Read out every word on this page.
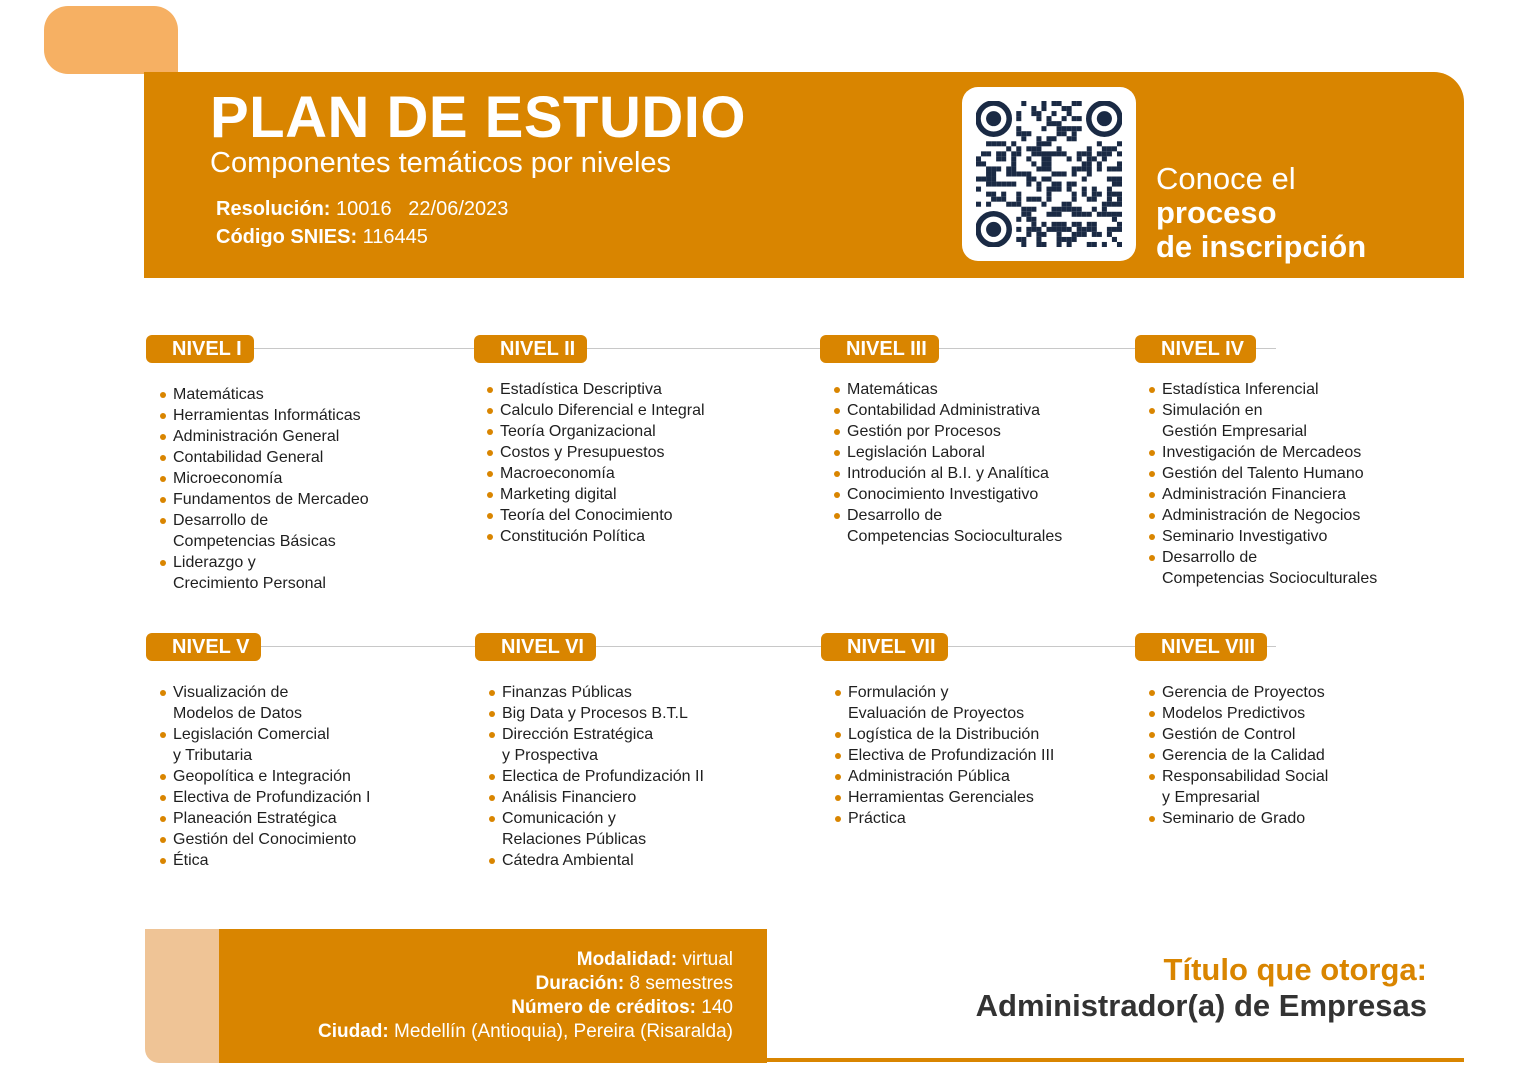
PLAN DE ESTUDIO
Componentes temáticos por niveles
Resolución: 10016   22/06/2023
Código SNIES: 116445
Conoce el
proceso
de inscripción
NIVEL I
Matemáticas
Herramientas Informáticas
Administración General
Contabilidad General
Microeconomía
Fundamentos de Mercadeo
Desarrollo de
Competencias Básicas
Liderazgo y
Crecimiento Personal
NIVEL II
Estadística Descriptiva
Calculo Diferencial e Integral
Teoría Organizacional
Costos y Presupuestos
Macroeconomía
Marketing digital
Teoría del Conocimiento
Constitución Política
NIVEL III
Matemáticas
Contabilidad Administrativa
Gestión por Procesos
Legislación Laboral
Introdución al B.I. y Analítica
Conocimiento Investigativo
Desarrollo de
Competencias Socioculturales
NIVEL IV
Estadística Inferencial
Simulación en
Gestión Empresarial
Investigación de Mercadeos
Gestión del Talento Humano
Administración Financiera
Administración de Negocios
Seminario Investigativo
Desarrollo de
Competencias Socioculturales
NIVEL V
Visualización de
Modelos de Datos
Legislación Comercial
y Tributaria
Geopolítica e Integración
Electiva de Profundización I
Planeación Estratégica
Gestión del Conocimiento
Ética
NIVEL VI
Finanzas Públicas
Big Data y Procesos B.T.L
Dirección Estratégica
y Prospectiva
Electica de Profundización II
Análisis Financiero
Comunicación y
Relaciones Públicas
Cátedra Ambiental
NIVEL VII
Formulación y
Evaluación de Proyectos
Logística de la Distribución
Electiva de Profundización III
Administración Pública
Herramientas Gerenciales
Práctica
NIVEL VIII
Gerencia de Proyectos
Modelos Predictivos
Gestión de Control
Gerencia de la Calidad
Responsabilidad Social
y Empresarial
Seminario de Grado
Modalidad: virtual
Duración: 8 semestres
Número de créditos: 140
Ciudad: Medellín (Antioquia), Pereira (Risaralda)
Título que otorga:
Administrador(a) de Empresas
